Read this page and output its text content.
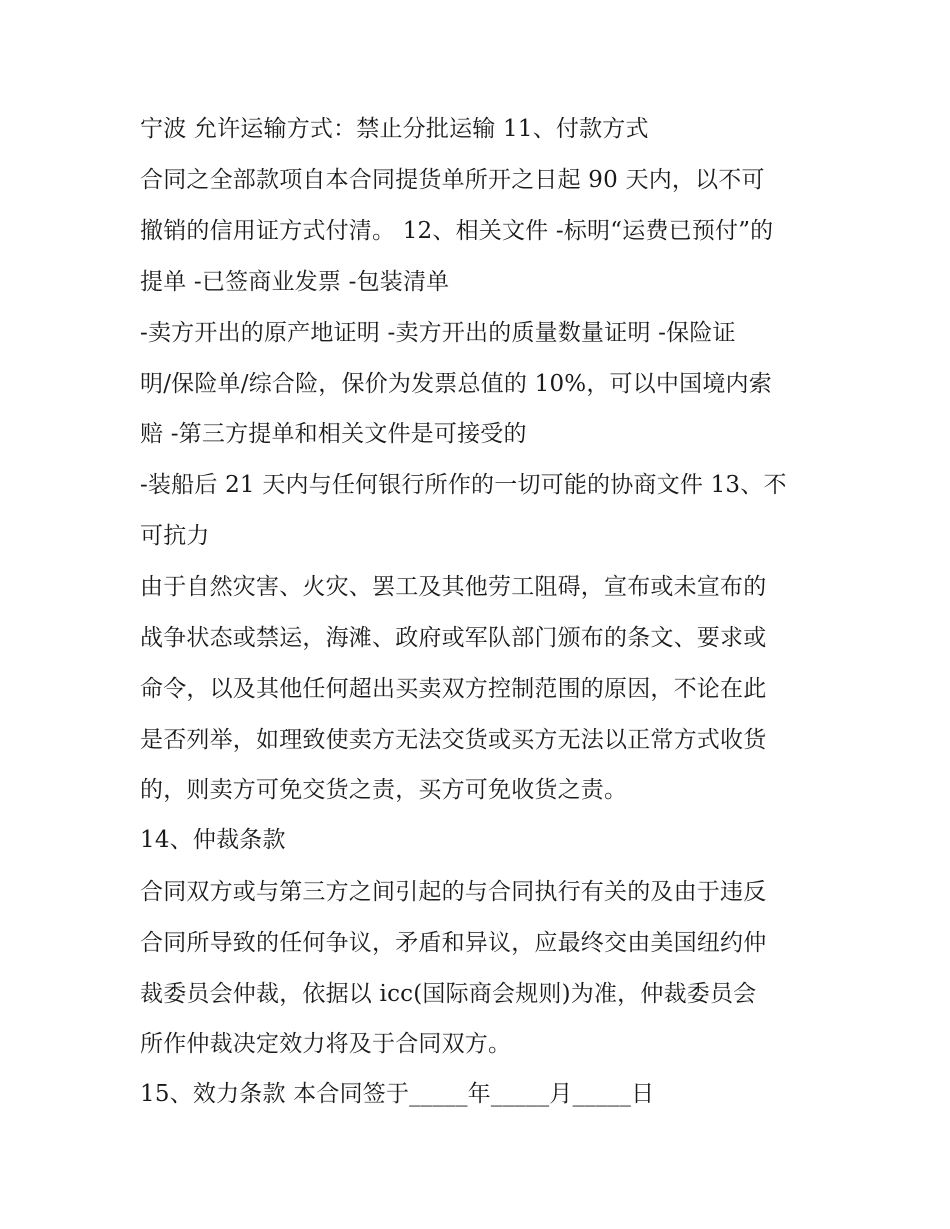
宁波 允许运输方式：禁止分批运输 11、付款方式
合同之全部款项自本合同提货单所开之日起 90 天内，以不可
撤销的信用证方式付清。 12、相关文件 -标明“运费已预付”的
提单 -已签商业发票 -包装清单
-卖方开出的原产地证明 -卖方开出的质量数量证明 -保险证
明/保险单/综合险，保价为发票总值的 10%，可以中国境内索
赔 -第三方提单和相关文件是可接受的
-装船后 21 天内与任何银行所作的一切可能的协商文件 13、不
可抗力
由于自然灾害、火灾、罢工及其他劳工阻碍，宣布或未宣布的
战争状态或禁运，海滩、政府或军队部门颁布的条文、要求或
命令，以及其他任何超出买卖双方控制范围的原因，不论在此
是否列举，如理致使卖方无法交货或买方无法以正常方式收货
的，则卖方可免交货之责，买方可免收货之责。
14、仲裁条款
合同双方或与第三方之间引起的与合同执行有关的及由于违反
合同所导致的任何争议，矛盾和异议，应最终交由美国纽约仲
裁委员会仲裁，依据以 icc(国际商会规则)为准，仲裁委员会
所作仲裁决定效力将及于合同双方。
15、效力条款 本合同签于_____年_____月_____日
